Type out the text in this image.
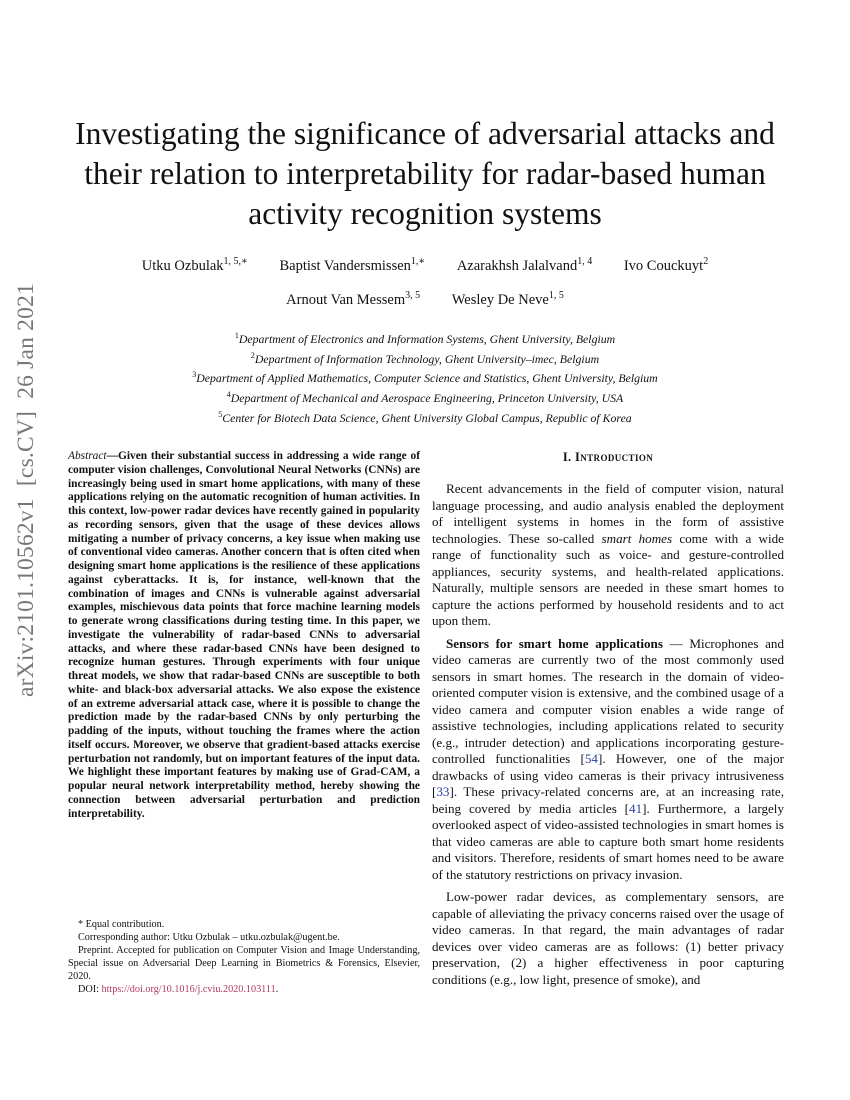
arXiv:2101.10562v1  [cs.CV]  26 Jan 2021
Investigating the significance of adversarial attacks and their relation to interpretability for radar-based human activity recognition systems
Utku Ozbulak$^{1, 5,∗}$ Baptist Vandersmissen$^{1,∗}$ Azarakhsh Jalalvand$^{1, 4}$ Ivo Couckuyt$^2$
Arnout Van Messem$^{3, 5}$ Wesley De Neve$^{1, 5}$
$^1$Department of Electronics and Information Systems, Ghent University, Belgium
$^2$Department of Information Technology, Ghent University–imec, Belgium
$^3$Department of Applied Mathematics, Computer Science and Statistics, Ghent University, Belgium
$^4$Department of Mechanical and Aerospace Engineering, Princeton University, USA
$^5$Center for Biotech Data Science, Ghent University Global Campus, Republic of Korea

Abstract—Given their substantial success in addressing a wide range of computer vision challenges, Convolutional Neural Networks (CNNs) are increasingly being used in smart home applications, with many of these applications relying on the automatic recognition of human activities. In this context, low-power radar devices have recently gained in popularity as recording sensors, given that the usage of these devices allows mitigating a number of privacy concerns, a key issue when making use of conventional video cameras. Another concern that is often cited when designing smart home applications is the resilience of these applications against cyberattacks. It is, for instance, well-known that the combination of images and CNNs is vulnerable against adversarial examples, mischievous data points that force machine learning models to generate wrong classifications during testing time. In this paper, we investigate the vulnerability of radar-based CNNs to adversarial attacks, and where these radar-based CNNs have been designed to recognize human gestures. Through experiments with four unique threat models, we show that radar-based CNNs are susceptible to both white- and black-box adversarial attacks. We also expose the existence of an extreme adversarial attack case, where it is possible to change the prediction made by the radar-based CNNs by only perturbing the padding of the inputs, without touching the frames where the action itself occurs. Moreover, we observe that gradient-based attacks exercise perturbation not randomly, but on important features of the input data. We highlight these important features by making use of Grad-CAM, a popular neural network interpretability method, hereby showing the connection between adversarial perturbation and prediction interpretability.

* Equal contribution.
Corresponding author: Utku Ozbulak – utku.ozbulak@ugent.be.
Preprint. Accepted for publication on Computer Vision and Image Understanding, Special issue on Adversarial Deep Learning in Biometrics & Forensics, Elsevier, 2020.
DOI: https://doi.org/10.1016/j.cviu.2020.103111.
I. Introduction

Recent advancements in the field of computer vision, natural language processing, and audio analysis enabled the deployment of intelligent systems in homes in the form of assistive technologies. These so-called smart homes come with a wide range of functionality such as voice- and gesture-controlled appliances, security systems, and health-related applications. Naturally, multiple sensors are needed in these smart homes to capture the actions performed by household residents and to act upon them.

Sensors for smart home applications — Microphones and video cameras are currently two of the most commonly used sensors in smart homes. The research in the domain of video-oriented computer vision is extensive, and the combined usage of a video camera and computer vision enables a wide range of assistive technologies, including applications related to security (e.g., intruder detection) and applications incorporating gesture-controlled functionalities [54]. However, one of the major drawbacks of using video cameras is their privacy intrusiveness [33]. These privacy-related concerns are, at an increasing rate, being covered by media articles [41]. Furthermore, a largely overlooked aspect of video-assisted technologies in smart homes is that video cameras are able to capture both smart home residents and visitors. Therefore, residents of smart homes need to be aware of the statutory restrictions on privacy invasion.

Low-power radar devices, as complementary sensors, are capable of alleviating the privacy concerns raised over the usage of video cameras. In that regard, the main advantages of radar devices over video cameras are as follows: (1) better privacy preservation, (2) a higher effectiveness in poor capturing conditions (e.g., low light, presence of smoke), and
